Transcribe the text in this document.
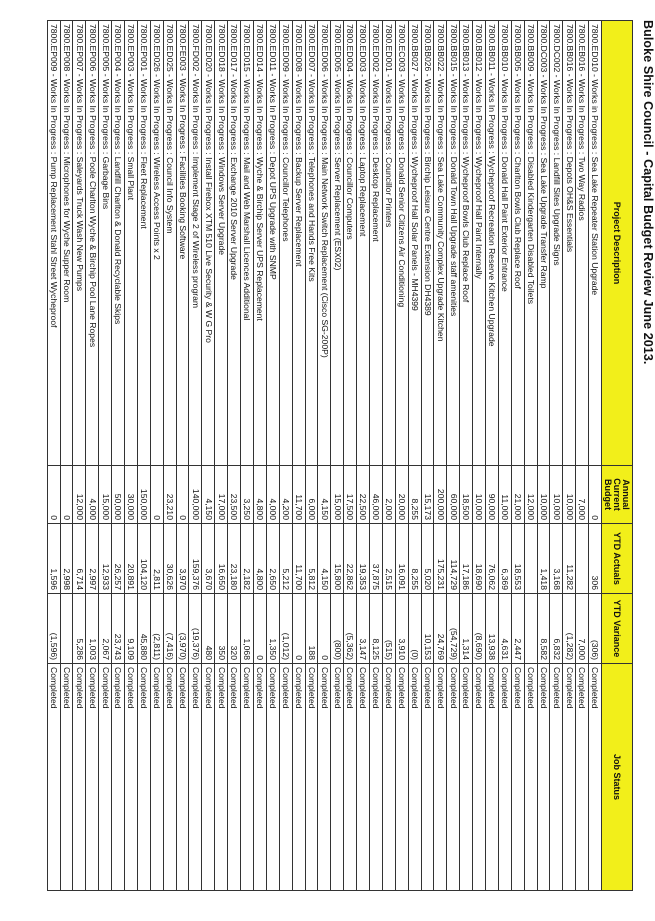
Buloke Shire Council - Capital Budget Review June 2013.
Project Description	Annual Current Budget	YTD Actuals	YTD Variance	Job Status
7800.ED010 - Works in Progress : Sea Lake Repeater Station Upgrade	0	306	(306)	Completed
7800.EB016 - Works In Progress : Two Way Radios	7,000		7,000	Completed
7800.BB016 - Works In Progress : Depots OH&S Essentials	10,000	11,282	(1,282)	Completed
7800.DC002 - Works In Progress : Landfill Sites Upgrade Signs	10,000	3,168	6,832	Completed
7800.DC003 - Works In Progress : Sea Lake Upgrade Transfer Ramp	10,000	1,418	8,582	Completed
7800.BB009 - Works In Progress : Disabled Kindergarten Disabled Toilets	12,000			Completed
7800.BB005 - Works In Progress : Charlton Bowls Club Replace Roof	21,000	18,553	2,447	Completed
7800.BB010 - Works In Progress : Donald Hall Paint Exterior Entrance	11,000	6,369	4,631	Completed
7800.BB011 - Works In Progress : Wycheproof Recreation Reserve Kitchen Upgrade	90,000	76,062	13,938	Completed
7800.BB012 - Works In Progress : Wycheproof Hall Paint Internally	10,000	18,690	(8,690)	Completed
7800.BB013 - Works In Progress : Wycheproof Bowls Club Replace Roof	18,500	17,186	1,314	Completed
7800.BB015 - Works In Progress : Donald Town Hall Upgrade staff amenities	60,000	114,729	(54,729)	Completed
7800.BB022 - Works In Progress : Sea Lake Community Complex Upgrade Kitchen	200,000	175,231	24,769	Completed
7800.BB026 - Works In Progress : Birchip Leisure Centre Extension DH4389	15,173	5,020	10,153	Completed
7800.BB027 - Works In Progress : Wycheproof Hall Solar Panels - MH4399	8,255	8,255	(0)	Completed
7800.EC003 - Works In Progress : Donald Senior Citizens Air Conditioning	20,000	16,091	3,910	Completed
7800.ED001 - Works In Progress : Councillor Printers	2,000	2,515	(515)	Completed
7800.ED002 - Works In Progress : Desktop Replacement	46,000	37,875	8,125	Completed
7800.ED003 - Works In Progress : Laptop Replacement	22,500	19,353	3,147	Completed
7800.ED004 - Works In Progress : Councillor Computers	17,500	22,862	(5,362)	Completed
7800.ED005 - Works In Progress : Server Replacement (ESX02)	15,000	15,800	(800)	Completed
7800.ED006 - Works In Progress : Main Network Switch Replacement (Cisco SG-200P)	4,150	4,150	0	Completed
7800.ED007 - Works In Progress : Telephones and Hands Free Kits	6,000	5,812	188	Completed
7800.ED008 - Works In Progress : Backup Server Replacement	11,700	11,700	0	Completed
7800.ED009 - Works In Progress : Councillor Telephones	4,200	5,212	(1,012)	Completed
7800.ED011 - Works In Progress : Depot UPS Upgrade with SNMP	4,000	2,650	1,350	Completed
7800.ED014 - Works In Progress : Wyche & Birchip Server UPS Replacement	4,800	4,800	0	Completed
7800.ED015 - Works In Progress : Mail and Web Marshall Licences Additional	3,250	2,182	1,068	Completed
7800.ED017 - Works In Progress : Exchange 2010 Server Upgrade	23,500	23,180	320	Completed
7800.ED018 - Works In Progress : Windows Server Upgrade	17,000	16,650	350	Completed
7800.ED020 - Works In Progress : Install Firebox XTM 510 Live Security & W G Pro	4,150	3,670	480	Completed
7800.FD002 - Works In Progress : Implement Stage 2 of Wireless program	140,000	159,376	(19,376)	Completed
7800.FE003 - Works In Progress : Facilities Booking Software	0	3,970	(3,970)	Completed
7800.ED025 - Works In Progress : Council Info System	23,210	30,626	(7,416)	Completed
7800.ED026 - Works In Progress : Wireless Access Points x 2	0	2,811	(2,811)	Completed
7800.EP001 - Works In Progress : Fleet Replacement	150,000	104,120	45,880	Completed
7800.EP003 - Works In Progress : Small Plant	30,000	20,891	9,109	Completed
7800.EP004 - Works In Progress : Landfill Charlton & Donald Recyclable Skips	50,000	26,257	23,743	Completed
7800.EP005 - Works In Progress : Garbage Bins	15,000	12,933	2,067	Completed
7800.EP006 - Works In Progress : Poole Charlton Wyche & Birchip Pool Lane Ropes	4,000	2,997	1,003	Completed
7800.EP007 - Works In Progress : Saleyards Truck Wash New Pumps	12,000	6,714	5,286	Completed
7800.EP008 - Works In Progress : Microphones for Wyche Supper Room	0	2,998		Completed
7800.EP009 - Works In Progress : Pump Replacement Stahl Street Wycheproof	0	1,596	(1,596)	Completed
